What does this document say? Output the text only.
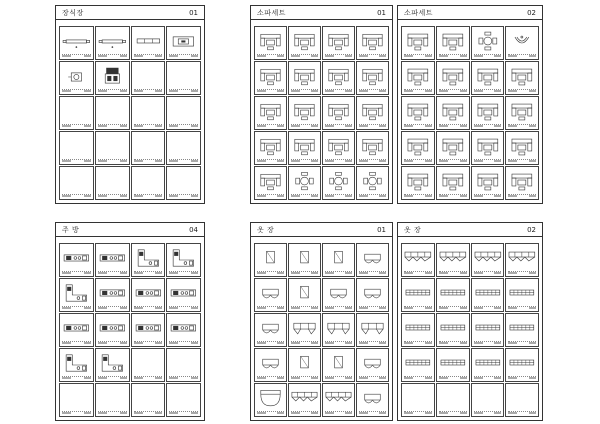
장식장	01	소파세트	01	소파세트	02
주 방	04	옷 장	01	옷 장	02
